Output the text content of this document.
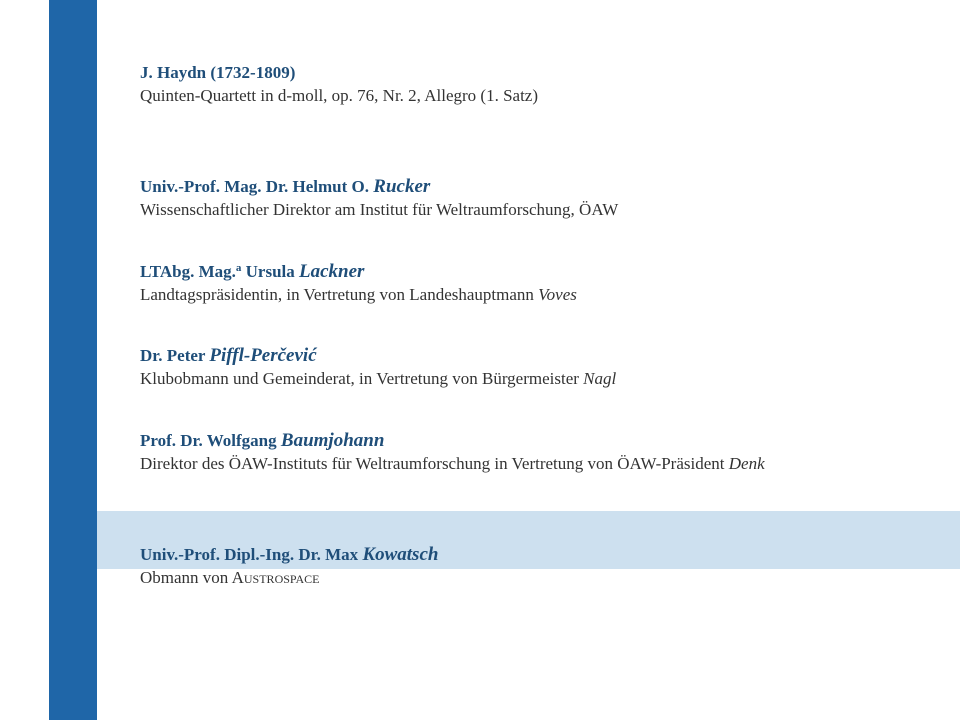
Musik
Begrüßung & Grußworte
J. Haydn (1732-1809)
Quinten-Quartett in d-moll, op. 76, Nr. 2, Allegro (1. Satz)
Univ.-Prof. Mag. Dr. Helmut O. Rucker
Wissenschaftlicher Direktor am Institut für Weltraumforschung, ÖAW
LTAbg. Mag.$^a$ Ursula Lackner
Landtagspräsidentin, in Vertretung von Landeshauptmann Voves
Dr. Peter Piffl-Perčević
Klubobmann und Gemeinderat, in Vertretung von Bürgermeister Nagl
Prof. Dr. Wolfgang Baumjohann
Direktor des ÖAW-Instituts für Weltraumforschung in Vertretung von ÖAW-Präsident Denk
Univ.-Prof. Dipl.-Ing. Dr. Max Kowatsch
Obmann von AUSTROSPACE
